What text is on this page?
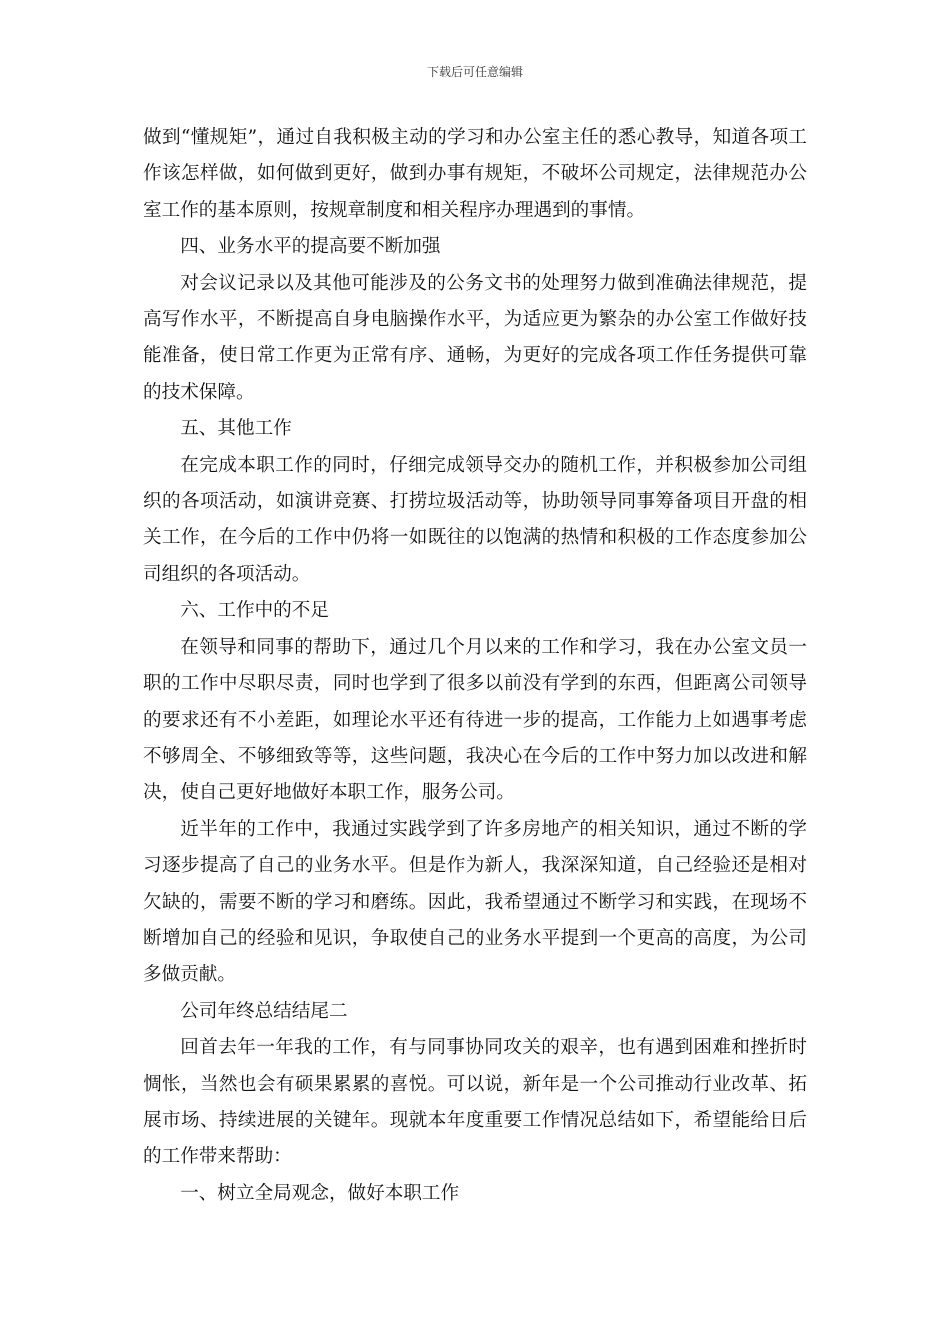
下载后可任意编辑

做到“懂规矩”，通过自我积极主动的学习和办公室主任的悉心教导，知道各项工作该怎样做，如何做到更好，做到办事有规矩，不破坏公司规定，法律规范办公室工作的基本原则，按规章制度和相关程序办理遇到的事情。

四、业务水平的提高要不断加强

对会议记录以及其他可能涉及的公务文书的处理努力做到准确法律规范，提高写作水平，不断提高自身电脑操作水平，为适应更为繁杂的办公室工作做好技能准备，使日常工作更为正常有序、通畅，为更好的完成各项工作任务提供可靠的技术保障。

五、其他工作

在完成本职工作的同时，仔细完成领导交办的随机工作，并积极参加公司组织的各项活动，如演讲竞赛、打捞垃圾活动等，协助领导同事筹备项目开盘的相关工作，在今后的工作中仍将一如既往的以饱满的热情和积极的工作态度参加公司组织的各项活动。

六、工作中的不足

在领导和同事的帮助下，通过几个月以来的工作和学习，我在办公室文员一职的工作中尽职尽责，同时也学到了很多以前没有学到的东西，但距离公司领导的要求还有不小差距，如理论水平还有待进一步的提高，工作能力上如遇事考虑不够周全、不够细致等等，这些问题，我决心在今后的工作中努力加以改进和解决，使自己更好地做好本职工作，服务公司。

近半年的工作中，我通过实践学到了许多房地产的相关知识，通过不断的学习逐步提高了自己的业务水平。但是作为新人，我深深知道，自己经验还是相对欠缺的，需要不断的学习和磨练。因此，我希望通过不断学习和实践，在现场不断增加自己的经验和见识，争取使自己的业务水平提到一个更高的高度，为公司多做贡献。

公司年终总结结尾二

回首去年一年我的工作，有与同事协同攻关的艰辛，也有遇到困难和挫折时惆怅，当然也会有硕果累累的喜悦。可以说，新年是一个公司推动行业改革、拓展市场、持续进展的关键年。现就本年度重要工作情况总结如下，希望能给日后的工作带来帮助：

一、树立全局观念，做好本职工作
